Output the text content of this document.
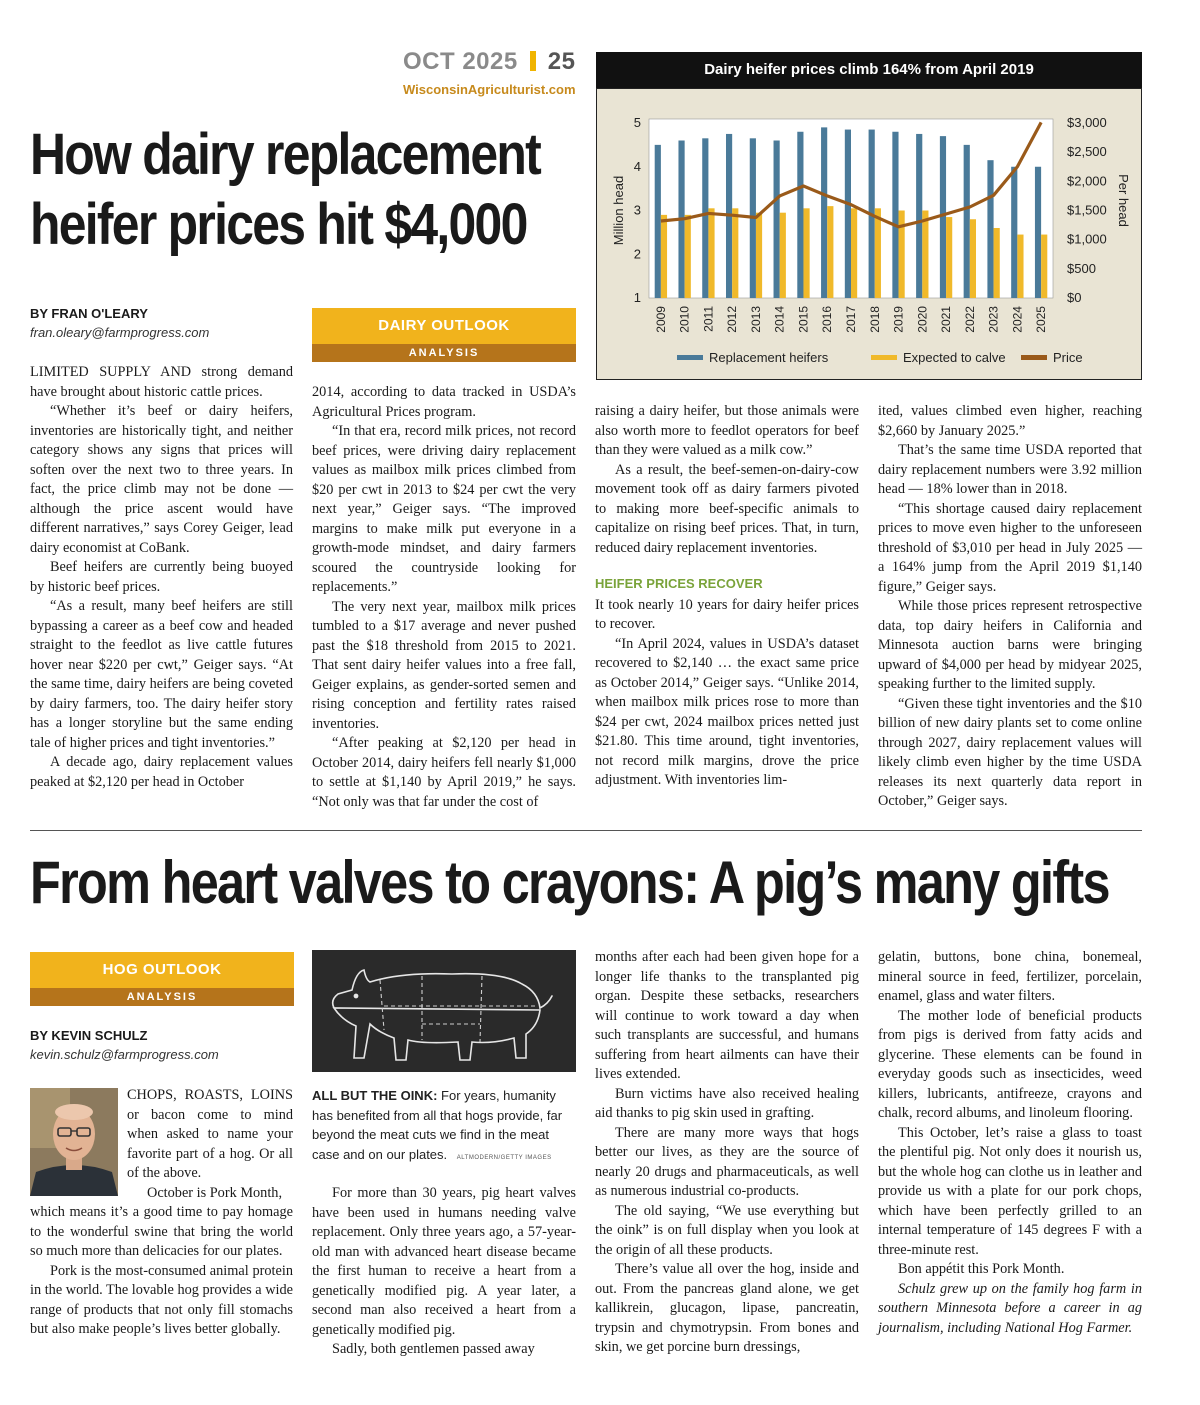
OCT 2025 25
WisconsinAgriculturist.com
How dairy replacement
heifer prices hit $4,000
BY FRAN O'LEARY
fran.oleary@farmprogress.com	DAIRY OUTLOOK
ANALYSIS

LIMITED SUPPLY AND strong demand have brought about historic cattle prices.

“Whether it’s beef or dairy heifers, inventories are historically tight, and neither category shows any signs that prices will soften over the next two to three years. In fact, the price climb may not be done — although the price ascent would have different narratives,” says Corey Geiger, lead dairy economist at CoBank.

Beef heifers are currently being buoyed by historic beef prices.

“As a result, many beef heifers are still bypassing a career as a beef cow and headed straight to the feedlot as live cattle futures hover near $220 per cwt,” Geiger says. “At the same time, dairy heifers are being coveted by dairy farmers, too. The dairy heifer story has a longer storyline but the same ending tale of higher prices and tight inventories.”

A decade ago, dairy replacement values peaked at $2,120 per head in October

2014, according to data tracked in USDA’s Agricultural Prices program.

“In that era, record milk prices, not record beef prices, were driving dairy replacement values as mailbox milk prices climbed from $20 per cwt in 2013 to $24 per cwt the very next year,” Geiger says. “The improved margins to make milk put everyone in a growth-mode mindset, and dairy farmers scoured the countryside looking for replacements.”

The very next year, mailbox milk prices tumbled to a $17 average and never pushed past the $18 threshold from 2015 to 2021. That sent dairy heifer values into a free fall, Geiger explains, as gender-sorted semen and rising conception and fertility rates raised inventories.

“After peaking at $2,120 per head in October 2014, dairy heifers fell nearly $1,000 to settle at $1,140 by April 2019,” he says. “Not only was that far under the cost of

raising a dairy heifer, but those animals were also worth more to feedlot operators for beef than they were valued as a milk cow.”

As a result, the beef-semen-on-dairy-cow movement took off as dairy farmers pivoted to making more beef-specific animals to capitalize on rising beef prices. That, in turn, reduced dairy replacement inventories.

HEIFER PRICES RECOVER

It took nearly 10 years for dairy heifer prices to recover.

“In April 2024, values in USDA’s dataset recovered to $2,140 … the exact same price as October 2014,” Geiger says. “Unlike 2014, when mailbox milk prices rose to more than $24 per cwt, 2024 mailbox prices netted just $21.80. This time around, tight inventories, not record milk margins, drove the price adjustment. With inventories lim-

ited, values climbed even higher, reaching $2,660 by January 2025.”

That’s the same time USDA reported that dairy replacement numbers were 3.92 million head — 18% lower than in 2018.

“This shortage caused dairy replacement prices to move even higher to the unforeseen threshold of $3,010 per head in July 2025 — a 164% jump from the April 2019 $1,140 figure,” Geiger says.

While those prices represent retrospective data, top dairy heifers in California and Minnesota auction barns were bringing upward of $4,000 per head by midyear 2025, speaking further to the limited supply.

“Given these tight inventories and the $10 billion of new dairy plants set to come online through 2027, dairy replacement values will likely climb even higher by the time USDA releases its next quarterly data report in October,” Geiger says.

Dairy heifer prices climb 164% from April 2019
1
2
3
4
5
$0
$500
$1,000
$1,500
$2,000
$2,500
$3,000
2009 2010 2011 2012 2013 2014 2015 2016 2017 2018 2019 2020 2021 2022 2023 2024 2025
Million head	Per head
Replacement heifers	Expected to calve	Price
From heart valves to crayons: A pig’s many gifts
HOG OUTLOOK
ANALYSIS
BY KEVIN SCHULZ
kevin.schulz@farmprogress.com

CHOPS, ROASTS, LOINS or bacon come to mind when asked to name your favorite part of a hog. Or all of the above.

October is Pork Month,

which means it’s a good time to pay homage to the wonderful swine that bring the world so much more than delicacies for our plates.

Pork is the most-consumed animal protein in the world. The lovable hog provides a wide range of products that not only fill stomachs but also make people’s lives better globally.

ALL BUT THE OINK: For years, humanity has benefited from all that hogs provide, far beyond the meat cuts we find in the meat case and on our plates. ALTMODERN/GETTY IMAGES

For more than 30 years, pig heart valves have been used in humans needing valve replacement. Only three years ago, a 57-year-old man with advanced heart disease became the first human to receive a heart from a genetically modified pig. A year later, a second man also received a heart from a genetically modified pig.

Sadly, both gentlemen passed away

months after each had been given hope for a longer life thanks to the transplanted pig organ. Despite these setbacks, researchers will continue to work toward a day when such transplants are successful, and humans suffering from heart ailments can have their lives extended.

Burn victims have also received healing aid thanks to pig skin used in grafting.

There are many more ways that hogs better our lives, as they are the source of nearly 20 drugs and pharmaceuticals, as well as numerous industrial co-products.

The old saying, “We use everything but the oink” is on full display when you look at the origin of all these products.

There’s value all over the hog, inside and out. From the pancreas gland alone, we get kallikrein, glucagon, lipase, pancreatin, trypsin and chymotrypsin. From bones and skin, we get porcine burn dressings,

gelatin, buttons, bone china, bonemeal, mineral source in feed, fertilizer, porcelain, enamel, glass and water filters.

The mother lode of beneficial products from pigs is derived from fatty acids and glycerine. These elements can be found in everyday goods such as insecticides, weed killers, lubricants, antifreeze, crayons and chalk, record albums, and linoleum flooring.

This October, let’s raise a glass to toast the plentiful pig. Not only does it nourish us, but the whole hog can clothe us in leather and provide us with a plate for our pork chops, which have been perfectly grilled to an internal temperature of 145 degrees F with a three-minute rest.

Bon appétit this Pork Month.

Schulz grew up on the family hog farm in southern Minnesota before a career in ag journalism, including National Hog Farmer.
